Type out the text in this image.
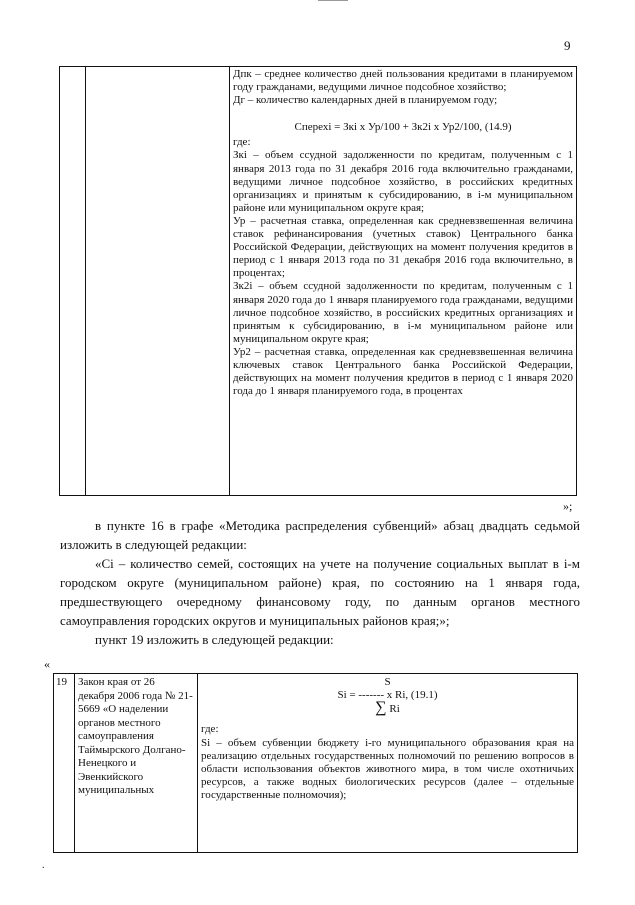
9

Дпк – среднее количество дней пользования кредитами в планируемом году гражданами, ведущими личное подсобное хозяйство;

Дг – количество календарных дней в планируемом году;

Cперехi = Зкi x Ур/100 + Зк2i x Ур2/100, (14.9)

где:

Зкi – объем ссудной задолженности по кредитам, полученным с 1 января 2013 года по 31 декабря 2016 года включительно гражданами, ведущими личное подсобное хозяйство, в российских кредитных организациях и принятым к субсидированию, в i-м муниципальном районе или муниципальном округе края;

Ур – расчетная ставка, определенная как средневзвешенная величина ставок рефинансирования (учетных ставок) Центрального банка Российской Федерации, действующих на момент получения кредитов в период с 1 января 2013 года по 31 декабря 2016 года включительно, в процентах;

Зк2i – объем ссудной задолженности по кредитам, полученным с 1 января 2020 года до 1 января планируемого года гражданами, ведущими личное подсобное хозяйство, в российских кредитных организациях и принятым к субсидированию, в i-м муниципальном районе или муниципальном округе края;

Ур2 – расчетная ставка, определенная как средневзвешенная величина ключевых ставок Центрального банка Российской Федерации, действующих на момент получения кредитов в период с 1 января 2020 года до 1 января планируемого года, в процентах

»;

в пункте 16 в графе «Методика распределения субвенций» абзац двадцать седьмой изложить в следующей редакции:

«Ci – количество семей, состоящих на учете на получение социальных выплат в i-м городском округе (муниципальном районе) края, по состоянию на 1 января года, предшествующего очередному финансовому году, по данным органов местного самоуправления городских округов и муниципальных районов края;»;

пункт 19 изложить в следующей редакции:

«
19	Закон края от 26 декабря 2006 года № 21-5669 «О наделении органов местного самоуправления Таймырского Долгано-Ненецкого и Эвенкийского муниципальных	

S

Si = ------- x Ri, (19.1)

∑ Ri

где:

Si – объем субвенции бюджету i-го муниципального образования края на реализацию отдельных государственных полномочий по решению вопросов в области использования объектов животного мира, в том числе охотничьих ресурсов, а также водных биологических ресурсов (далее – отдельные государственные полномочия);

.
